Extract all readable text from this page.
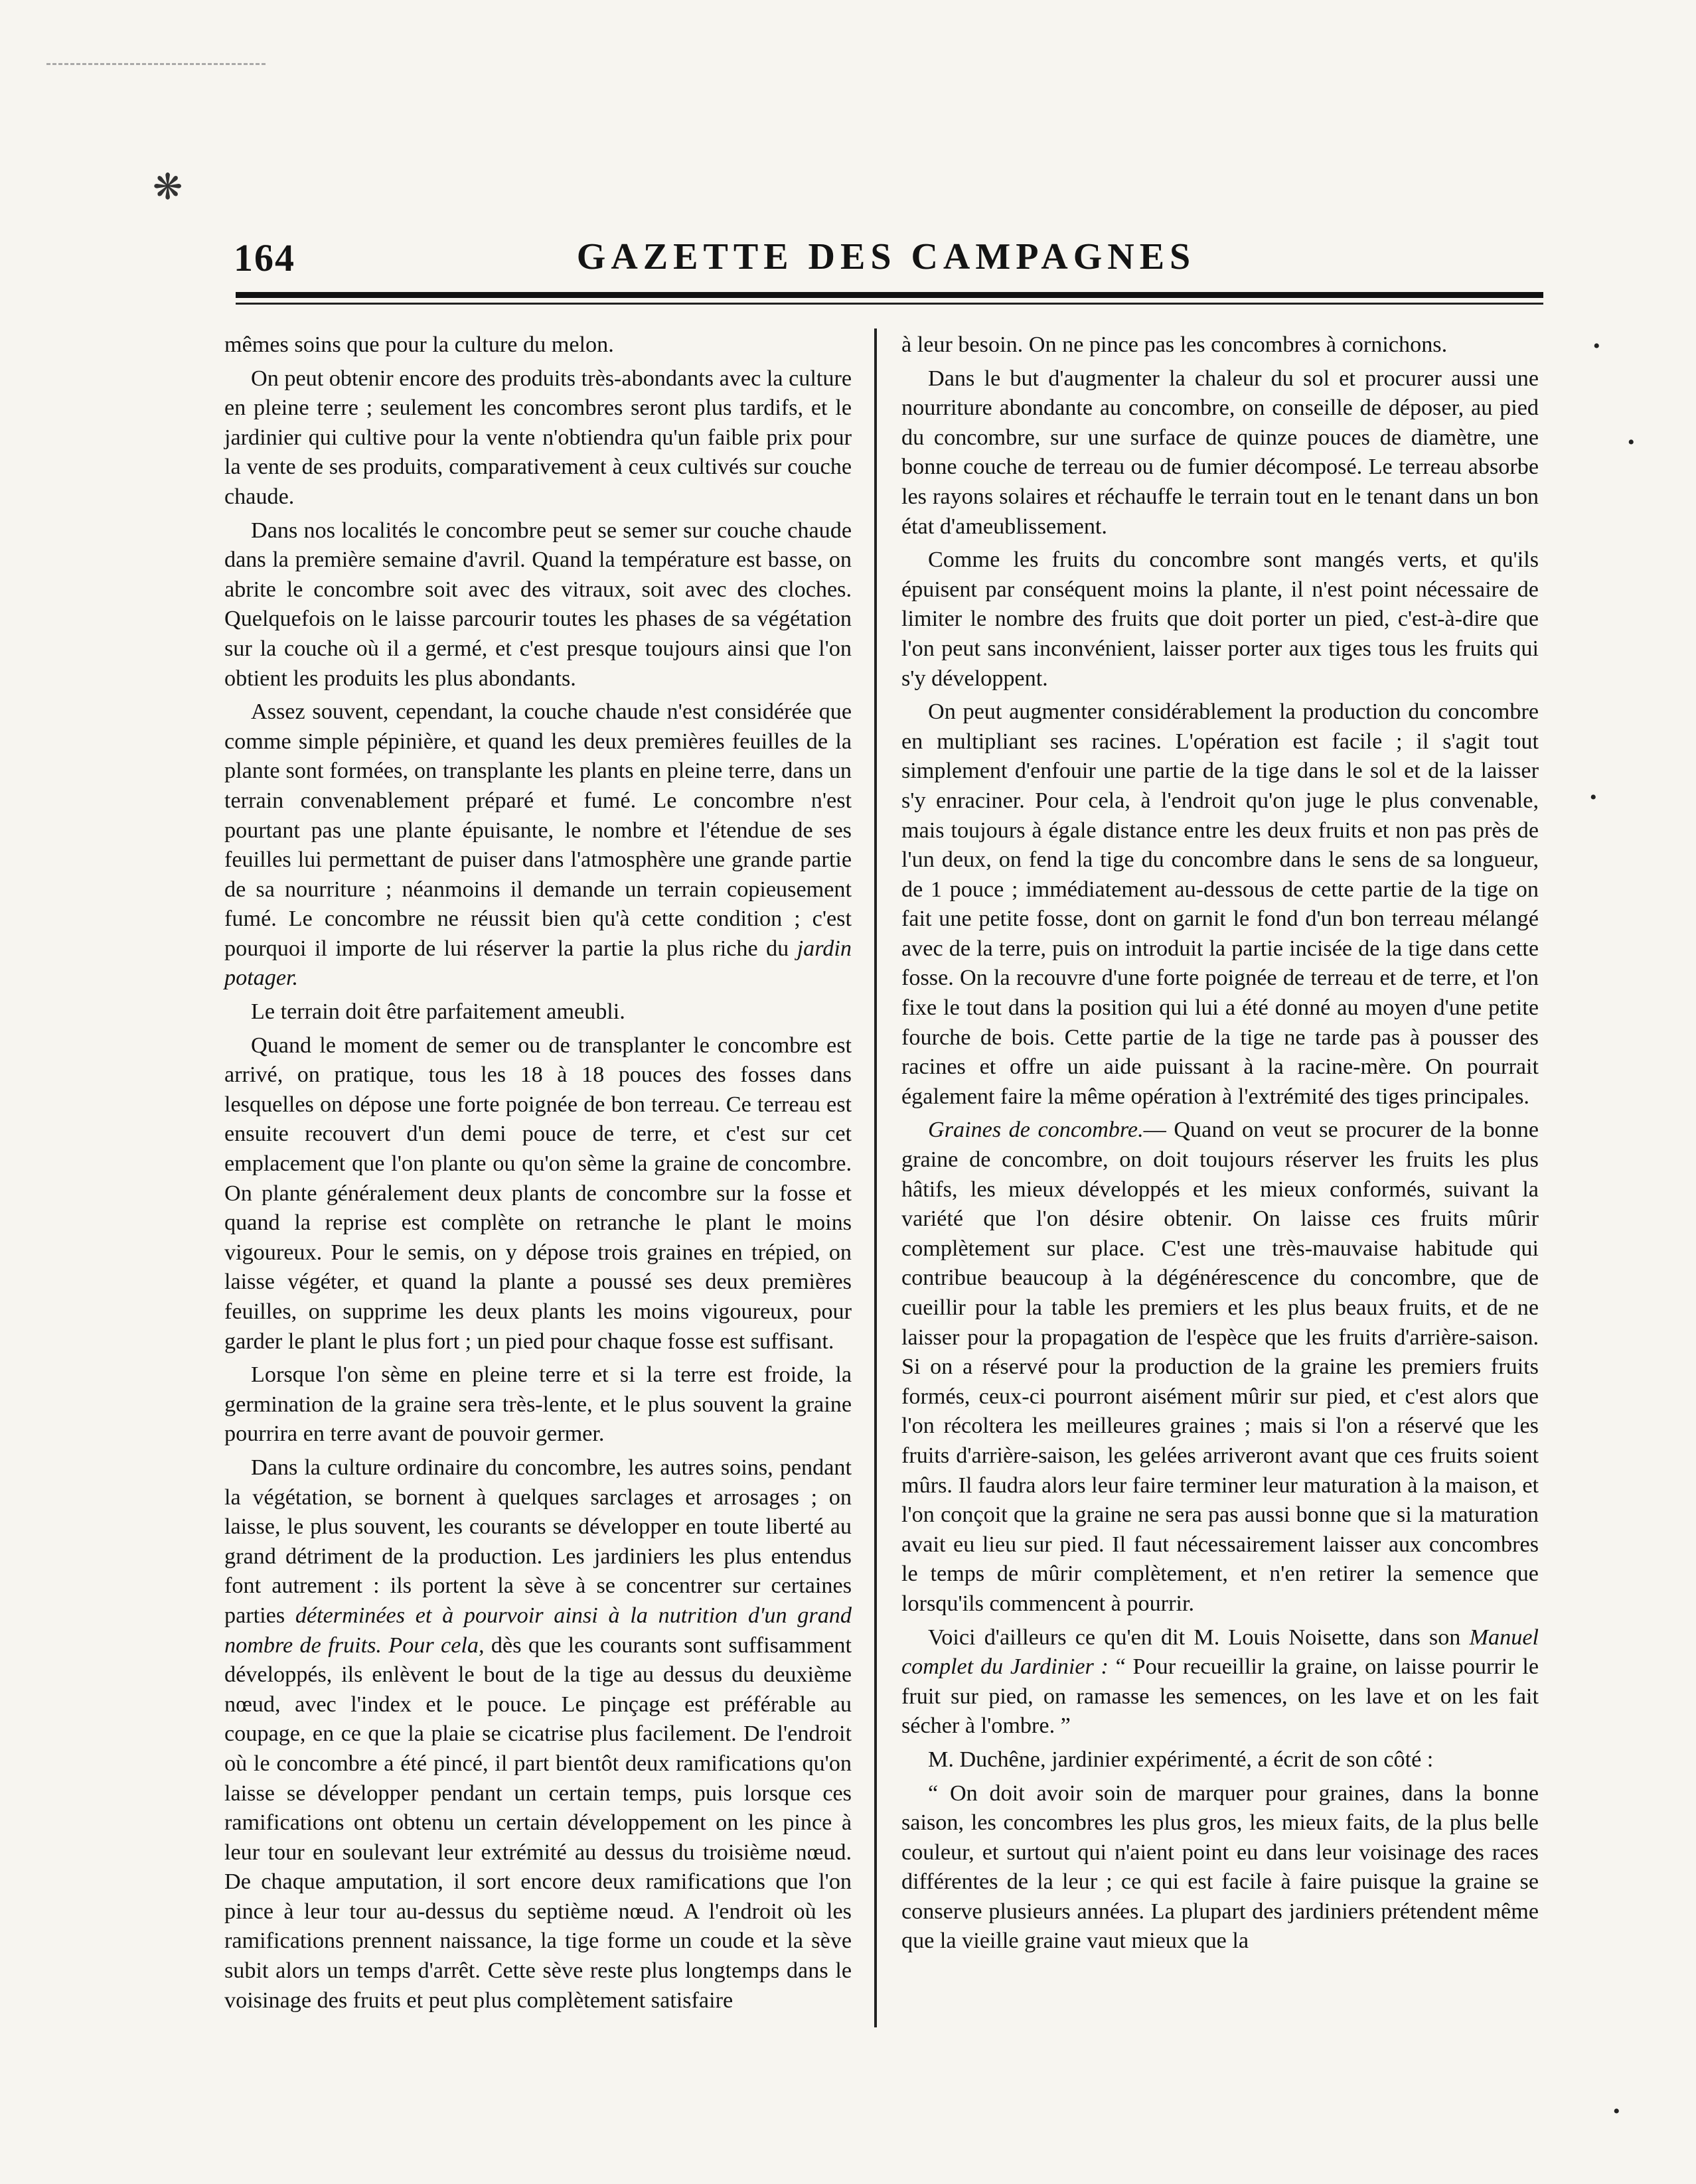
❋
164	GAZETTE DES CAMPAGNES

mêmes soins que pour la culture du melon.

On peut obtenir encore des produits très-abondants avec la culture en pleine terre ; seulement les concombres seront plus tardifs, et le jardinier qui cultive pour la vente n'obtiendra qu'un faible prix pour la vente de ses produits, comparativement à ceux cultivés sur couche chaude.

Dans nos localités le concombre peut se semer sur couche chaude dans la première semaine d'avril. Quand la température est basse, on abrite le concombre soit avec des vitraux, soit avec des cloches. Quelquefois on le laisse parcourir toutes les phases de sa végétation sur la couche où il a germé, et c'est presque toujours ainsi que l'on obtient les produits les plus abondants.

Assez souvent, cependant, la couche chaude n'est considérée que comme simple pépinière, et quand les deux premières feuilles de la plante sont formées, on transplante les plants en pleine terre, dans un terrain convenablement préparé et fumé. Le concombre n'est pourtant pas une plante épuisante, le nombre et l'étendue de ses feuilles lui permettant de puiser dans l'atmosphère une grande partie de sa nourriture ; néanmoins il demande un terrain copieusement fumé. Le concombre ne réussit bien qu'à cette condition ; c'est pourquoi il importe de lui réserver la partie la plus riche du jardin potager.

Le terrain doit être parfaitement ameubli.

Quand le moment de semer ou de transplanter le concombre est arrivé, on pratique, tous les 18 à 18 pouces des fosses dans lesquelles on dépose une forte poignée de bon terreau. Ce terreau est ensuite recouvert d'un demi pouce de terre, et c'est sur cet emplacement que l'on plante ou qu'on sème la graine de concombre. On plante généralement deux plants de concombre sur la fosse et quand la reprise est complète on retranche le plant le moins vigoureux. Pour le semis, on y dépose trois graines en trépied, on laisse végéter, et quand la plante a poussé ses deux premières feuilles, on supprime les deux plants les moins vigoureux, pour garder le plant le plus fort ; un pied pour chaque fosse est suffisant.

Lorsque l'on sème en pleine terre et si la terre est froide, la germination de la graine sera très-lente, et le plus souvent la graine pourrira en terre avant de pouvoir germer.

Dans la culture ordinaire du concombre, les autres soins, pendant la végétation, se bornent à quelques sarclages et arrosages ; on laisse, le plus souvent, les courants se développer en toute liberté au grand détriment de la production. Les jardiniers les plus entendus font autrement : ils portent la sève à se concentrer sur certaines parties déterminées et à pourvoir ainsi à la nutrition d'un grand nombre de fruits. Pour cela, dès que les courants sont suffisamment développés, ils enlèvent le bout de la tige au dessus du deuxième nœud, avec l'index et le pouce. Le pinçage est préférable au coupage, en ce que la plaie se cicatrise plus facilement. De l'endroit où le concombre a été pincé, il part bientôt deux ramifications qu'on laisse se développer pendant un certain temps, puis lorsque ces ramifications ont obtenu un certain développement on les pince à leur tour en soulevant leur extrémité au dessus du troisième nœud. De chaque amputation, il sort encore deux ramifications que l'on pince à leur tour au-dessus du septième nœud. A l'endroit où les ramifications prennent naissance, la tige forme un coude et la sève subit alors un temps d'arrêt. Cette sève reste plus longtemps dans le voisinage des fruits et peut plus complètement satisfaire

à leur besoin. On ne pince pas les concombres à cornichons.

Dans le but d'augmenter la chaleur du sol et procurer aussi une nourriture abondante au concombre, on conseille de déposer, au pied du concombre, sur une surface de quinze pouces de diamètre, une bonne couche de terreau ou de fumier décomposé. Le terreau absorbe les rayons solaires et réchauffe le terrain tout en le tenant dans un bon état d'ameublissement.

Comme les fruits du concombre sont mangés verts, et qu'ils épuisent par conséquent moins la plante, il n'est point nécessaire de limiter le nombre des fruits que doit porter un pied, c'est-à-dire que l'on peut sans inconvénient, laisser porter aux tiges tous les fruits qui s'y développent.

On peut augmenter considérablement la production du concombre en multipliant ses racines. L'opération est facile ; il s'agit tout simplement d'enfouir une partie de la tige dans le sol et de la laisser s'y enraciner. Pour cela, à l'endroit qu'on juge le plus convenable, mais toujours à égale distance entre les deux fruits et non pas près de l'un deux, on fend la tige du concombre dans le sens de sa longueur, de 1 pouce ; immédiatement au-dessous de cette partie de la tige on fait une petite fosse, dont on garnit le fond d'un bon terreau mélangé avec de la terre, puis on introduit la partie incisée de la tige dans cette fosse. On la recouvre d'une forte poignée de terreau et de terre, et l'on fixe le tout dans la position qui lui a été donné au moyen d'une petite fourche de bois. Cette partie de la tige ne tarde pas à pousser des racines et offre un aide puissant à la racine-mère. On pourrait également faire la même opération à l'extrémité des tiges principales.

Graines de concombre.— Quand on veut se procurer de la bonne graine de concombre, on doit toujours réserver les fruits les plus hâtifs, les mieux développés et les mieux conformés, suivant la variété que l'on désire obtenir. On laisse ces fruits mûrir complètement sur place. C'est une très-mauvaise habitude qui contribue beaucoup à la dégénérescence du concombre, que de cueillir pour la table les premiers et les plus beaux fruits, et de ne laisser pour la propagation de l'espèce que les fruits d'arrière-saison. Si on a réservé pour la production de la graine les premiers fruits formés, ceux-ci pourront aisément mûrir sur pied, et c'est alors que l'on récoltera les meilleures graines ; mais si l'on a réservé que les fruits d'arrière-saison, les gelées arriveront avant que ces fruits soient mûrs. Il faudra alors leur faire terminer leur maturation à la maison, et l'on conçoit que la graine ne sera pas aussi bonne que si la maturation avait eu lieu sur pied. Il faut nécessairement laisser aux concombres le temps de mûrir complètement, et n'en retirer la semence que lorsqu'ils commencent à pourrir.

Voici d'ailleurs ce qu'en dit M. Louis Noisette, dans son Manuel complet du Jardinier : “ Pour recueillir la graine, on laisse pourrir le fruit sur pied, on ramasse les semences, on les lave et on les fait sécher à l'ombre. ”

M. Duchêne, jardinier expérimenté, a écrit de son côté :

“ On doit avoir soin de marquer pour graines, dans la bonne saison, les concombres les plus gros, les mieux faits, de la plus belle couleur, et surtout qui n'aient point eu dans leur voisinage des races différentes de la leur ; ce qui est facile à faire puisque la graine se conserve plusieurs années. La plupart des jardiniers prétendent même que la vieille graine vaut mieux que la

•
•
•
•
